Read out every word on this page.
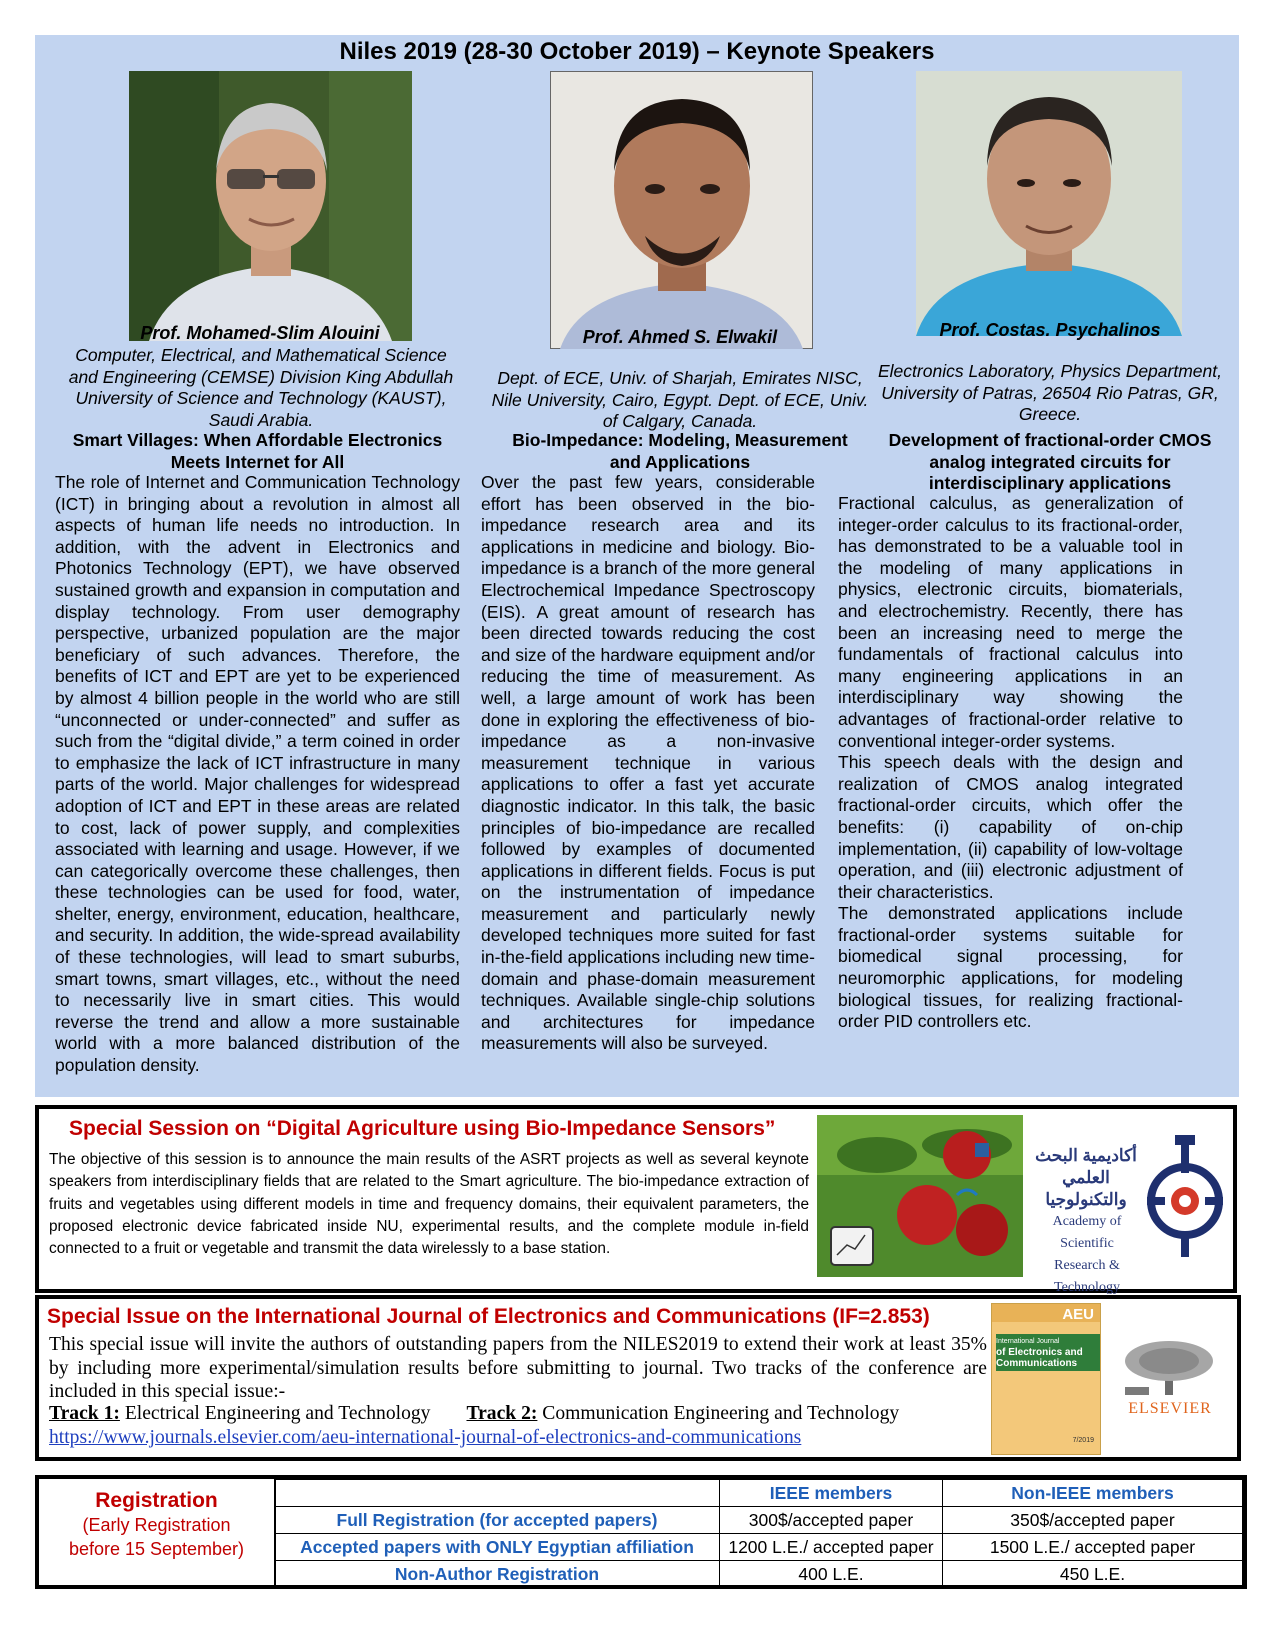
Niles 2019 (28-30 October 2019) – Keynote Speakers
Prof. Mohamed-Slim Alouini
Computer, Electrical, and Mathematical Science and Engineering (CEMSE) Division King Abdullah University of Science and Technology (KAUST), Saudi Arabia.
Smart Villages: When Affordable Electronics Meets Internet for All
The role of Internet and Communication Technology (ICT) in bringing about a revolution in almost all aspects of human life needs no introduction. In addition, with the advent in Electronics and Photonics Technology (EPT), we have observed sustained growth and expansion in computation and display technology. From user demography perspective, urbanized population are the major beneficiary of such advances. Therefore, the benefits of ICT and EPT are yet to be experienced by almost 4 billion people in the world who are still “unconnected or under-connected” and suffer as such from the “digital divide,” a term coined in order to emphasize the lack of ICT infrastructure in many parts of the world. Major challenges for widespread adoption of ICT and EPT in these areas are related to cost, lack of power supply, and complexities associated with learning and usage. However, if we can categorically overcome these challenges, then these technologies can be used for food, water, shelter, energy, environment, education, healthcare, and security. In addition, the wide-spread availability of these technologies, will lead to smart suburbs, smart towns, smart villages, etc., without the need to necessarily live in smart cities. This would reverse the trend and allow a more sustainable world with a more balanced distribution of the population density.
Prof. Ahmed S. Elwakil
Dept. of ECE, Univ. of Sharjah, Emirates NISC, Nile University, Cairo, Egypt. Dept. of ECE, Univ. of Calgary, Canada.
Bio-Impedance: Modeling, Measurement and Applications
Over the past few years, considerable effort has been observed in the bio-impedance research area and its applications in medicine and biology. Bio-impedance is a branch of the more general Electrochemical Impedance Spectroscopy (EIS). A great amount of research has been directed towards reducing the cost and size of the hardware equipment and/or reducing the time of measurement. As well, a large amount of work has been done in exploring the effectiveness of bio-impedance as a non-invasive measurement technique in various applications to offer a fast yet accurate diagnostic indicator. In this talk, the basic principles of bio-impedance are recalled followed by examples of documented applications in different fields. Focus is put on the instrumentation of impedance measurement and particularly newly developed techniques more suited for fast in-the-field applications including new time-domain and phase-domain measurement techniques. Available single-chip solutions and architectures for impedance measurements will also be surveyed.
Prof. Costas. Psychalinos
Electronics Laboratory, Physics Department, University of Patras, 26504 Rio Patras, GR, Greece.
Development of fractional-order CMOS analog integrated circuits for interdisciplinary applications
Fractional calculus, as generalization of integer-order calculus to its fractional-order, has demonstrated to be a valuable tool in the modeling of many applications in physics, electronic circuits, biomaterials, and electrochemistry. Recently, there has been an increasing need to merge the fundamentals of fractional calculus into many engineering applications in an interdisciplinary way showing the advantages of fractional-order relative to conventional integer-order systems.
This speech deals with the design and realization of CMOS analog integrated fractional-order circuits, which offer the benefits: (i) capability of on-chip implementation, (ii) capability of low-voltage operation, and (iii) electronic adjustment of their characteristics.
The demonstrated applications include fractional-order systems suitable for biomedical signal processing, for neuromorphic applications, for modeling biological tissues, for realizing fractional-order PID controllers etc.
Special Session on “Digital Agriculture using Bio-Impedance Sensors”
The objective of this session is to announce the main results of the ASRT projects as well as several keynote speakers from interdisciplinary fields that are related to the Smart agriculture. The bio-impedance extraction of fruits and vegetables using different models in time and frequency domains, their equivalent parameters, the proposed electronic device fabricated inside NU, experimental results, and the complete module in-field connected to a fruit or vegetable and transmit the data wirelessly to a base station.
أكاديمية البحث العلمي والتكنولوجيا
Academy of Scientific
Research & Technology
Special Issue on the International Journal of Electronics and Communications (IF=2.853)
This special issue will invite the authors of outstanding papers from the NILES2019 to extend their work at least 35% by including more experimental/simulation results before submitting to journal. Two tracks of the conference are included in this special issue:-
Track 1: Electrical Engineering and Technology Track 2: Communication Engineering and Technology
https://www.journals.elsevier.com/aeu-international-journal-of-electronics-and-communications
AEU
International Journal
of Electronics and
Communications
7/2019
ELSEVIER
Registration
(Early Registration
before 15 September)
	IEEE members	Non-IEEE members
Full Registration (for accepted papers)	300$/accepted paper	350$/accepted paper
Accepted papers with ONLY Egyptian affiliation	1200 L.E./ accepted paper	1500 L.E./ accepted paper
Non-Author Registration	400 L.E.	450 L.E.
